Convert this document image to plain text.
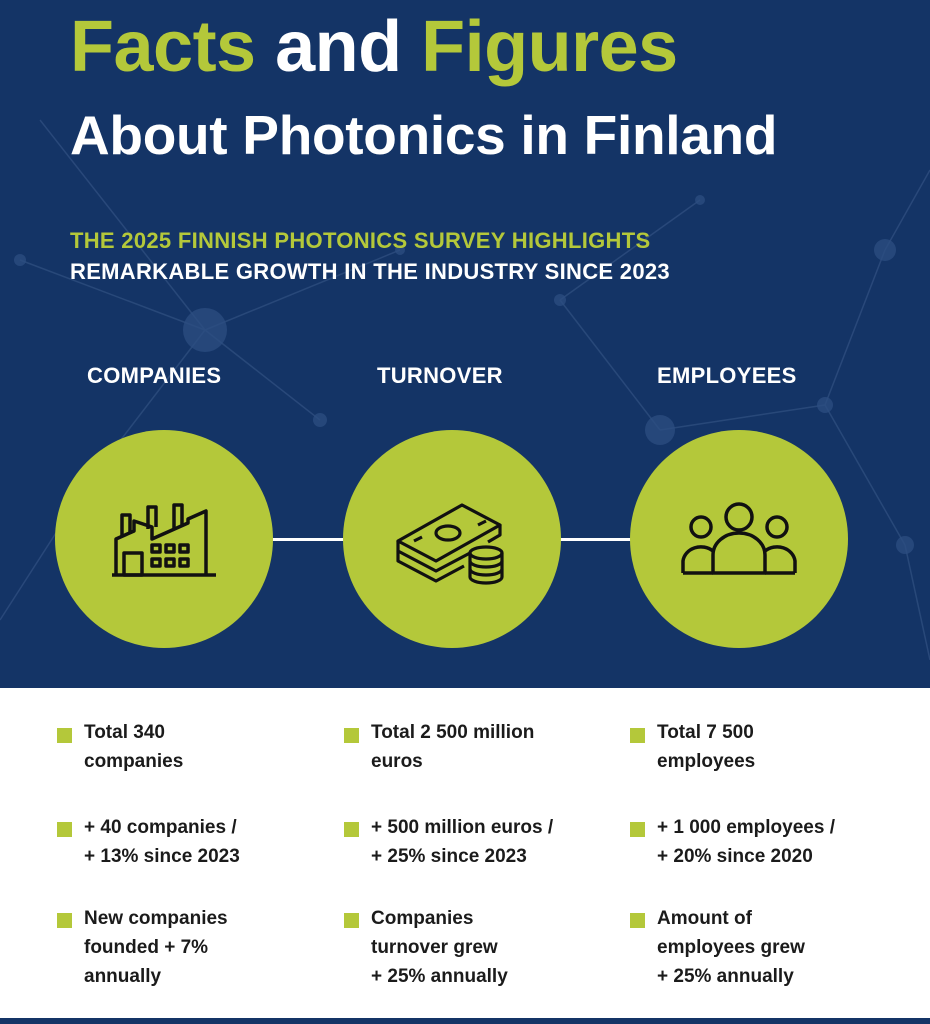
Facts and Figures
About Photonics in Finland
THE 2025 FINNISH PHOTONICS SURVEY HIGHLIGHTS
REMARKABLE GROWTH IN THE INDUSTRY SINCE 2023
COMPANIES	TURNOVER	EMPLOYEES
Total 340
companies
+ 40 companies /
+ 13% since 2023
New companies
founded + 7%
annually
Total 2 500 million
euros
+ 500 million euros /
+ 25% since 2023
Companies
turnover grew
+ 25% annually
Total 7 500
employees
+ 1 000 employees /
+ 20% since 2020
Amount of
employees grew
+ 25% annually
